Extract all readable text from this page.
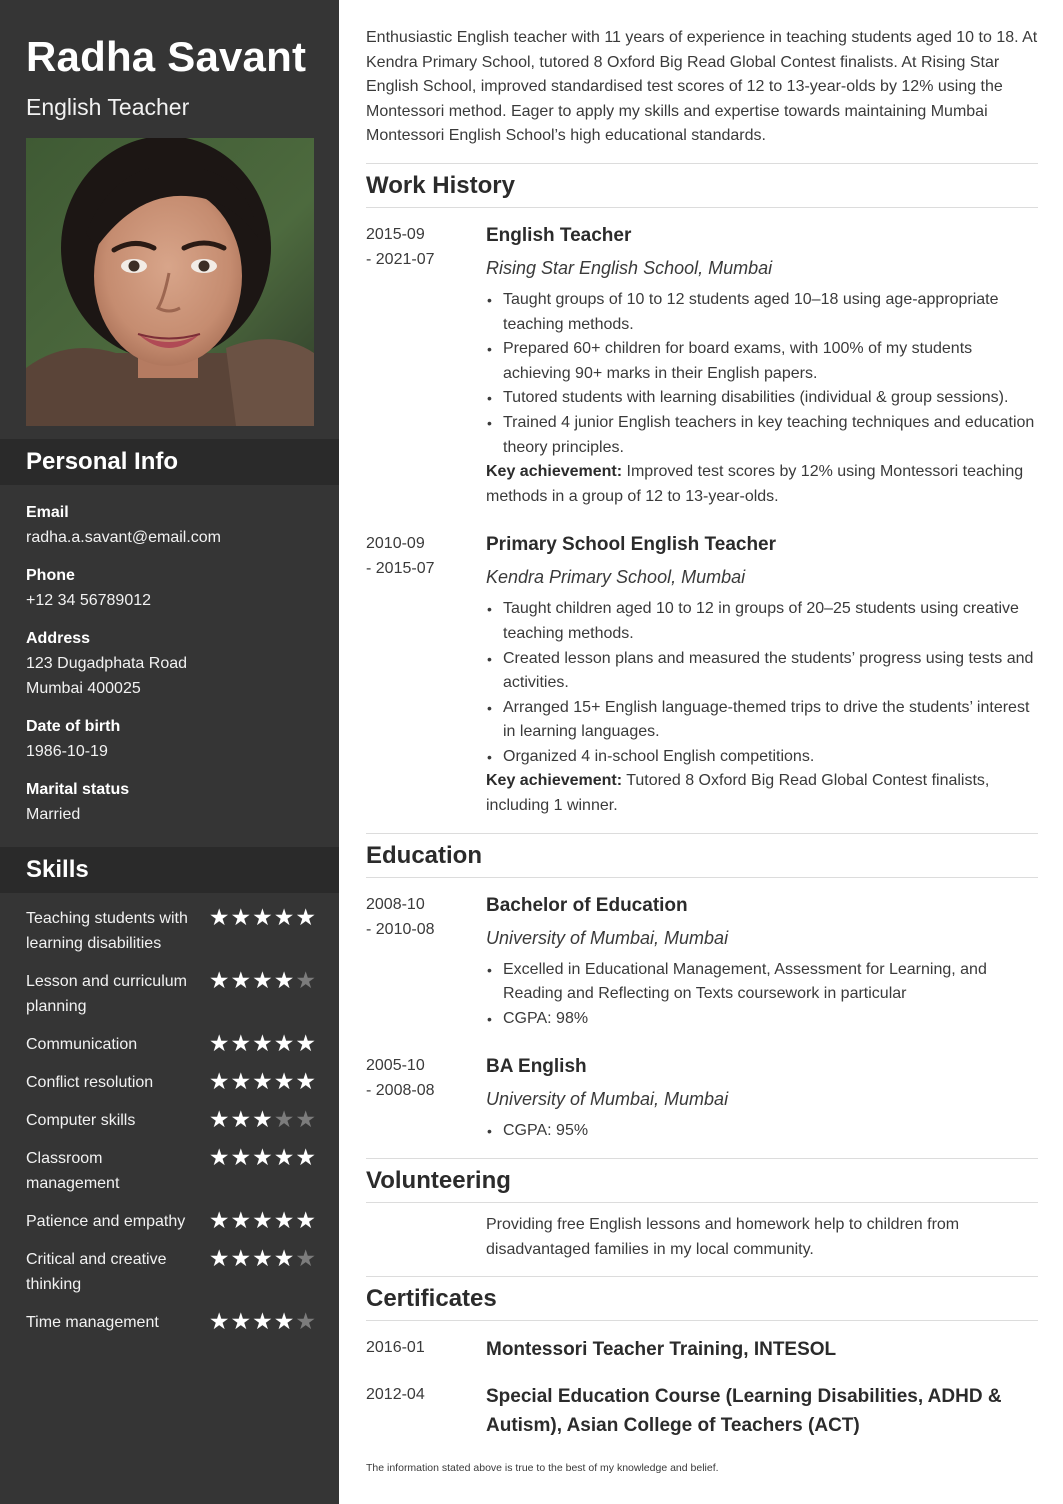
Radha Savant
English Teacher
Personal Info
Email
radha.a.savant@email.com
Phone
+12 34 56789012
Address
123 Dugadphata Road
Mumbai 400025
Date of birth
1986-10-19
Marital status
Married
Skills
Teaching students with learning disabilities
★ ★ ★ ★ ★
Lesson and curriculum planning
★ ★ ★ ★ ★
Communication	★ ★ ★ ★ ★
Conflict resolution	★ ★ ★ ★ ★
Computer skills	★ ★ ★ ★ ★
Classroom management
★ ★ ★ ★ ★
Patience and empathy ★ ★ ★ ★ ★
Critical and creative thinking
★ ★ ★ ★ ★
Time management	★ ★ ★ ★ ★
Enthusiastic English teacher with 11 years of experience in teaching students aged 10 to 18. At Kendra Primary School, tutored 8 Oxford Big Read Global Contest finalists. At Rising Star English School, improved standardised test scores of 12 to 13-year-olds by 12% using the Montessori method. Eager to apply my skills and expertise towards maintaining Mumbai Montessori English School’s high educational standards.
Work History
2015-09
- 2021-07
English Teacher
Rising Star English School, Mumbai
• Taught groups of 10 to 12 students aged 10–18 using age-appropriate teaching methods.
• Prepared 60+ children for board exams, with 100% of my students achieving 90+ marks in their English papers.
• Tutored students with learning disabilities (individual & group sessions).
• Trained 4 junior English teachers in key teaching techniques and education theory principles.
Key achievement: Improved test scores by 12% using Montessori teaching methods in a group of 12 to 13-year-olds.
2010-09
- 2015-07
Primary School English Teacher
Kendra Primary School, Mumbai
• Taught children aged 10 to 12 in groups of 20–25 students using creative teaching methods.
• Created lesson plans and measured the students’ progress using tests and activities.
• Arranged 15+ English language-themed trips to drive the students’ interest in learning languages.
• Organized 4 in-school English competitions.
Key achievement: Tutored 8 Oxford Big Read Global Contest finalists, including 1 winner.
Education
2008-10
- 2010-08
Bachelor of Education
University of Mumbai, Mumbai
• Excelled in Educational Management, Assessment for Learning, and Reading and Reflecting on Texts coursework in particular
• CGPA: 98%
2005-10
- 2008-08
BA English
University of Mumbai, Mumbai
• CGPA: 95%
Volunteering
Providing free English lessons and homework help to children from disadvantaged families in my local community.
Certificates
2016-01	Montessori Teacher Training, INTESOL
2012-04	Special Education Course (Learning Disabilities, ADHD & Autism), Asian College of Teachers (ACT)
The information stated above is true to the best of my knowledge and belief.
